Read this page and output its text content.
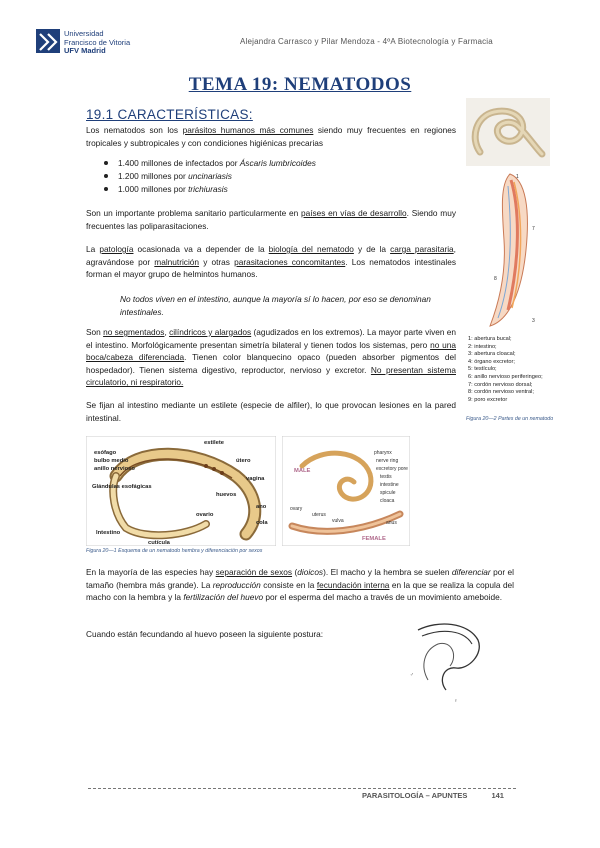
Universidad
Francisco de Vitoria
UFV Madrid
Alejandra Carrasco y Pilar Mendoza - 4ºA Biotecnología y Farmacia
TEMA 19: NEMATODOS
19.1 CARACTERÍSTICAS:
Los nematodos son los parásitos humanos más comunes siendo muy frecuentes en regiones tropicales y subtropicales y con condiciones higiénicas precarias
1.400 millones de infectados por Áscaris lumbricoides
1.200 millones por uncinariasis
1.000 millones por trichiurasis
Son un importante problema sanitario particularmente en países en vías de desarrollo. Siendo muy frecuentes las poliparasitaciones.
La patología ocasionada va a depender de la biología del nematodo y de la carga parasitaria, agravándose por malnutrición y otras parasitaciones concomitantes. Los nematodos intestinales forman el mayor grupo de helmintos humanos.
No todos viven en el intestino, aunque la mayoría sí lo hacen, por eso se denominan intestinales.
Son no segmentados, cilíndricos y alargados (agudizados en los extremos). La mayor parte viven en el intestino. Morfológicamente presentan simetría bilateral y tienen todos los sistemas, pero no una boca/cabeza diferenciada. Tienen color blanquecino opaco (pueden absorber pigmentos del hospedador). Tienen sistema digestivo, reproductor, nervioso y excretor. No presentan sistema circulatorio, ni respiratorio.
Se fijan al intestino mediante un estilete (especie de alfiler), lo que provocan lesiones en la pared intestinal.
1
7
8
3
1: abertura bucal;
2: intestino;
3: abertura cloacal;
4: órgano excretor;
5: testículo;
6: anillo nervioso periferingeo;
7: cordón nervioso dorsal;
8: cordón nervioso ventral;
9: poro excretor
Figura 20—2 Partes de un nematodo
esófago
bulbo medio
anillo nervioso
Glándulas esofágicas
Intestino
cutícula
estilete
útero
vagina
huevos
ovario
ano
cola
MALE
FEMALE
pharynx
nerve ring
excretory pore
testis
intestine
spicule
cloaca
ovary
uterus
vulva	anus
Figura 20—1 Esquema de un nematodo hembra y diferenciación por sexos
En la mayoría de las especies hay separación de sexos (dioicos). El macho y la hembra se suelen diferenciar por el tamaño (hembra más grande). La reproducción consiste en la fecundación interna en la que se realiza la copula del macho con la hembra y la fertilización del huevo por el esperma del macho a través de un movimiento ameboide.
Cuando están fecundando al huevo poseen la siguiente postura:
♂
♀
PARASITOLOGÍA – APUNTES	141
